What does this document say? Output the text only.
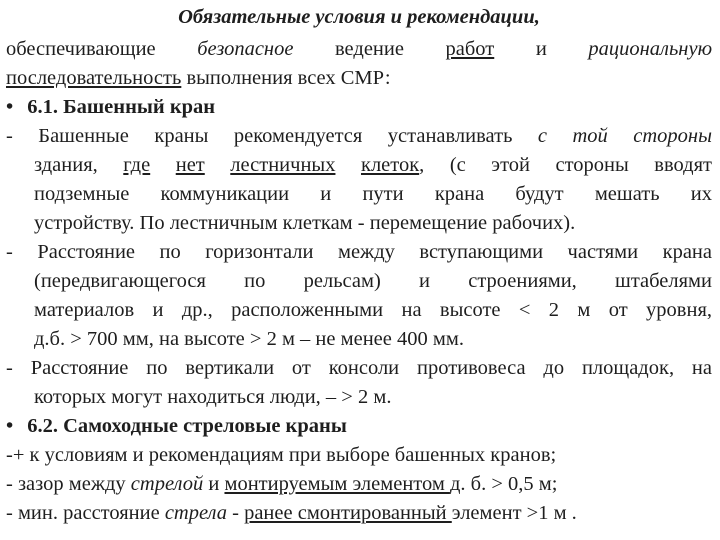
Обязательные условия и рекомендации,
обеспечивающие безопасное ведение работ и рациональную
последовательность выполнения всех СМР:
• 6.1. Башенный кран
- Башенные краны рекомендуется устанавливать с той стороны
здания, где нет лестничных клеток, (с этой стороны вводят
подземные коммуникации и пути крана будут мешать их
устройству. По лестничным клеткам - перемещение рабочих).
- Расстояние по горизонтали между вступающими частями крана
(передвигающегося по рельсам) и строениями, штабелями
материалов и др., расположенными на высоте < 2 м от уровня,
д.б. > 700 мм, на высоте > 2 м – не менее 400 мм.
- Расстояние по вертикали от консоли противовеса до площадок, на
которых могут находиться люди, – > 2 м.
• 6.2. Самоходные стреловые краны
-+ к условиям и рекомендациям при выборе башенных кранов;
- зазор между стрелой и монтируемым элементом д. б. > 0,5 м;
- мин. расстояние стрела - ранее смонтированный элемент >1 м .
